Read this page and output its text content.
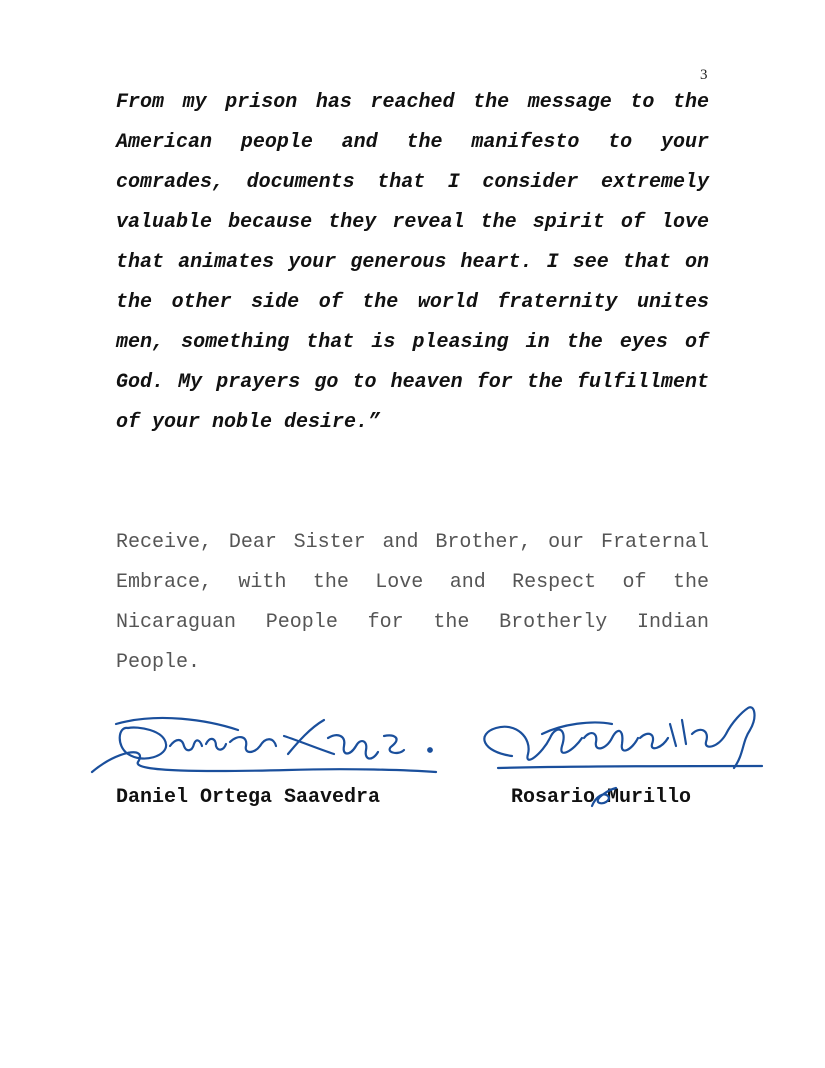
3

From my prison has reached the message to the American people and the manifesto to your comrades, documents that I consider extremely valuable because they reveal the spirit of love that animates your generous heart. I see that on the other side of the world fraternity unites men, something that is pleasing in the eyes of God. My prayers go to heaven for the fulfillment of your noble desire.”

Receive, Dear Sister and Brother, our Fraternal Embrace, with the Love and Respect of the Nicaraguan People for the Brotherly Indian People.

Daniel Ortega Saavedra	Rosario Murillo
